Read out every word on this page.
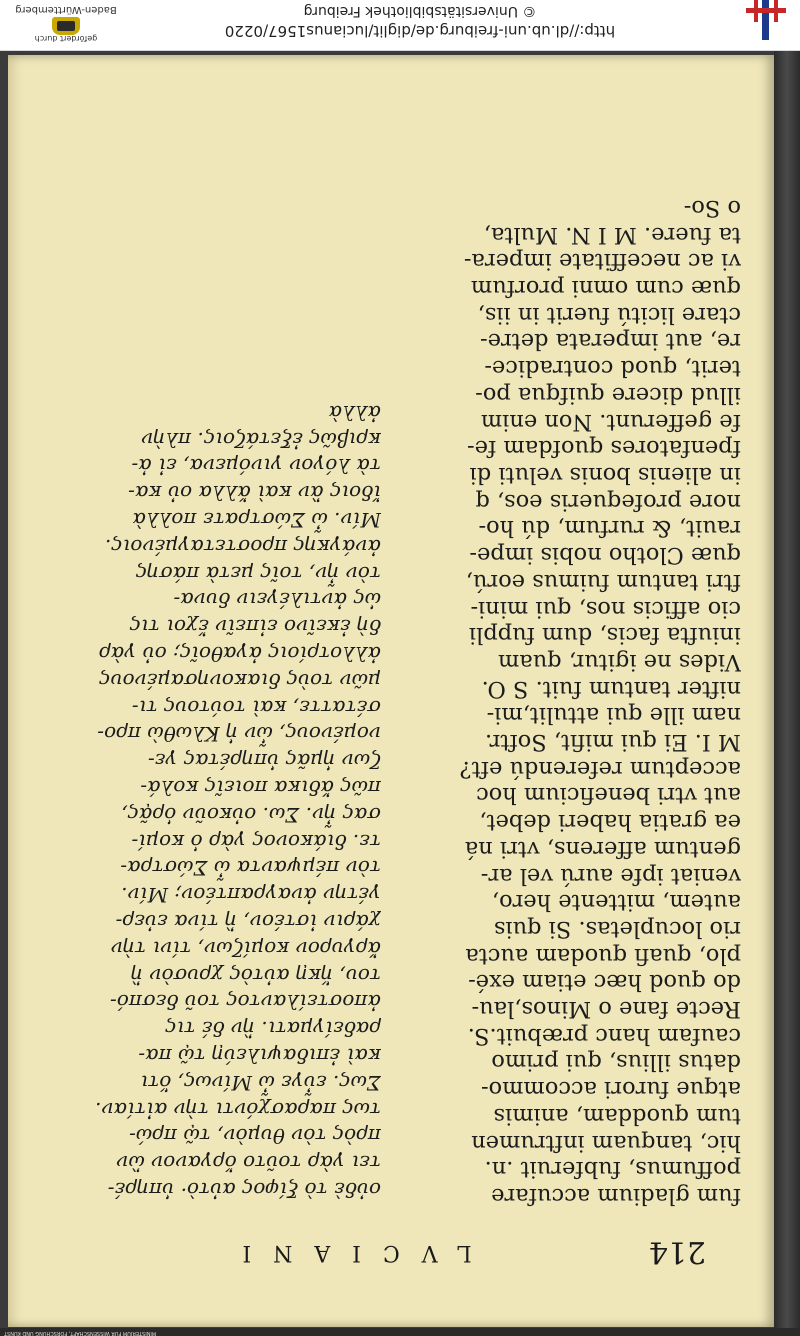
Baden-Württemberg
gefördert durch
© Universitätsbibliothek Freiburg
http://dl.ub.uni-freiburg.de/diglit/lucianus1567/0220
214
LVCIANI
fum gladium accufare
poffumus, fubferuit .n.
hic, tanquam inftrumen
tum quoddam, animis
atque furori accommo-
datus illius, qui primo
caufam hanc præbuit.S.
Recte fane o Minos,lau-
do quod hæc etiam exé-
plo, quafi quodam aucta
rio locupletas. Si quis
autem, mittente hero,
veniat ipfe aurú vel ar-
gentum afferens, vtri ná
ea gratia haberi debet,
aut vtri beneficium hoc
acceptum referendú eft?
M I. Ei qui mifit, Softr.
nam ille qui attulit,mi-
nifter tantum fuit. S O.
Vides ne igitur, quam
iniufta facis, dum fuppli
cio afficis nos, qui mini-
ftri tantum fuimus eorú,
quæ Clotho nobis impe-
rauit, & rurfum, dú ho-
nore profequeris eos, q
in alienis bonis veluti di
fpenfatores quofdam fe-
fe gefferunt. Non enim
illud dicere quifqua po-
terit, quod contradice-
re, aut imperata detre-
ctare licitú fuerit in iis,
quæ cum omni prorfum
vi ac neceffitate impera-
ta fuere. M I N. Multa,
o So-
οὐδὲ τὸ ξίφος αὐτὸ· ὑπηρέ-
τει γὰρ τοῦτο ὄργανον ὢν
πρὸς τὸν θυμὸν, τῷ πρώ-
τως παρασχόντι τὴν αἰτίαν.
Σως. εὖγε ὦ Μίνως, ὅτι
καὶ ἐπιδαψιλεύῃ τῷ πα-
ραδείγματι. ἢν δέ τις
ἀποστείλαντος τοῦ δεσπό-
του, ἥκῃ αὐτὸς χρυσὸν ἢ
ἄργυρον κομίζων, τίνι τὴν
χάριν ἰστέον, ἢ τίνα εὐερ-
γέτην ἀναγραπτέον; Μίν.
τὸν πέμψαντα ὦ Σώστρα-
τε. διάκονος γὰρ ὁ κομί-
σας ἦν. Σω. οὐκοῦν ὁρᾷς,
πῶς ἄδικα ποιεῖς κολά-
ζων ἡμᾶς ὑπηρέτας γε-
νομένους, ὧν ἡ Κλωθὼ προ-
σέταττε, καὶ τούτους τι-
μῶν τοὺς διακονησαμένους
ἀλλοτρίοις ἀγαθοῖς; οὐ γὰρ
δὴ ἐκεῖνο εἰπεῖν ἔχοι τις
ὡς ἀντιλέγειν δυνα-
τὸν ἦν, τοῖς μετὰ πάσης
ἀνάγκης προστεταγμένοις.
Μίν. ὦ Σώστρατε πολλὰ
ἴδοις ἂν καὶ ἄλλα οὐ κα-
τὰ λόγον γινόμενα, εἰ ἀ-
κριβῶς ἐξετάζοις. πλὴν
ἀλλὰ
MINISTERIUM FÜR WISSENSCHAFT, FORSCHUNG UND KUNST
